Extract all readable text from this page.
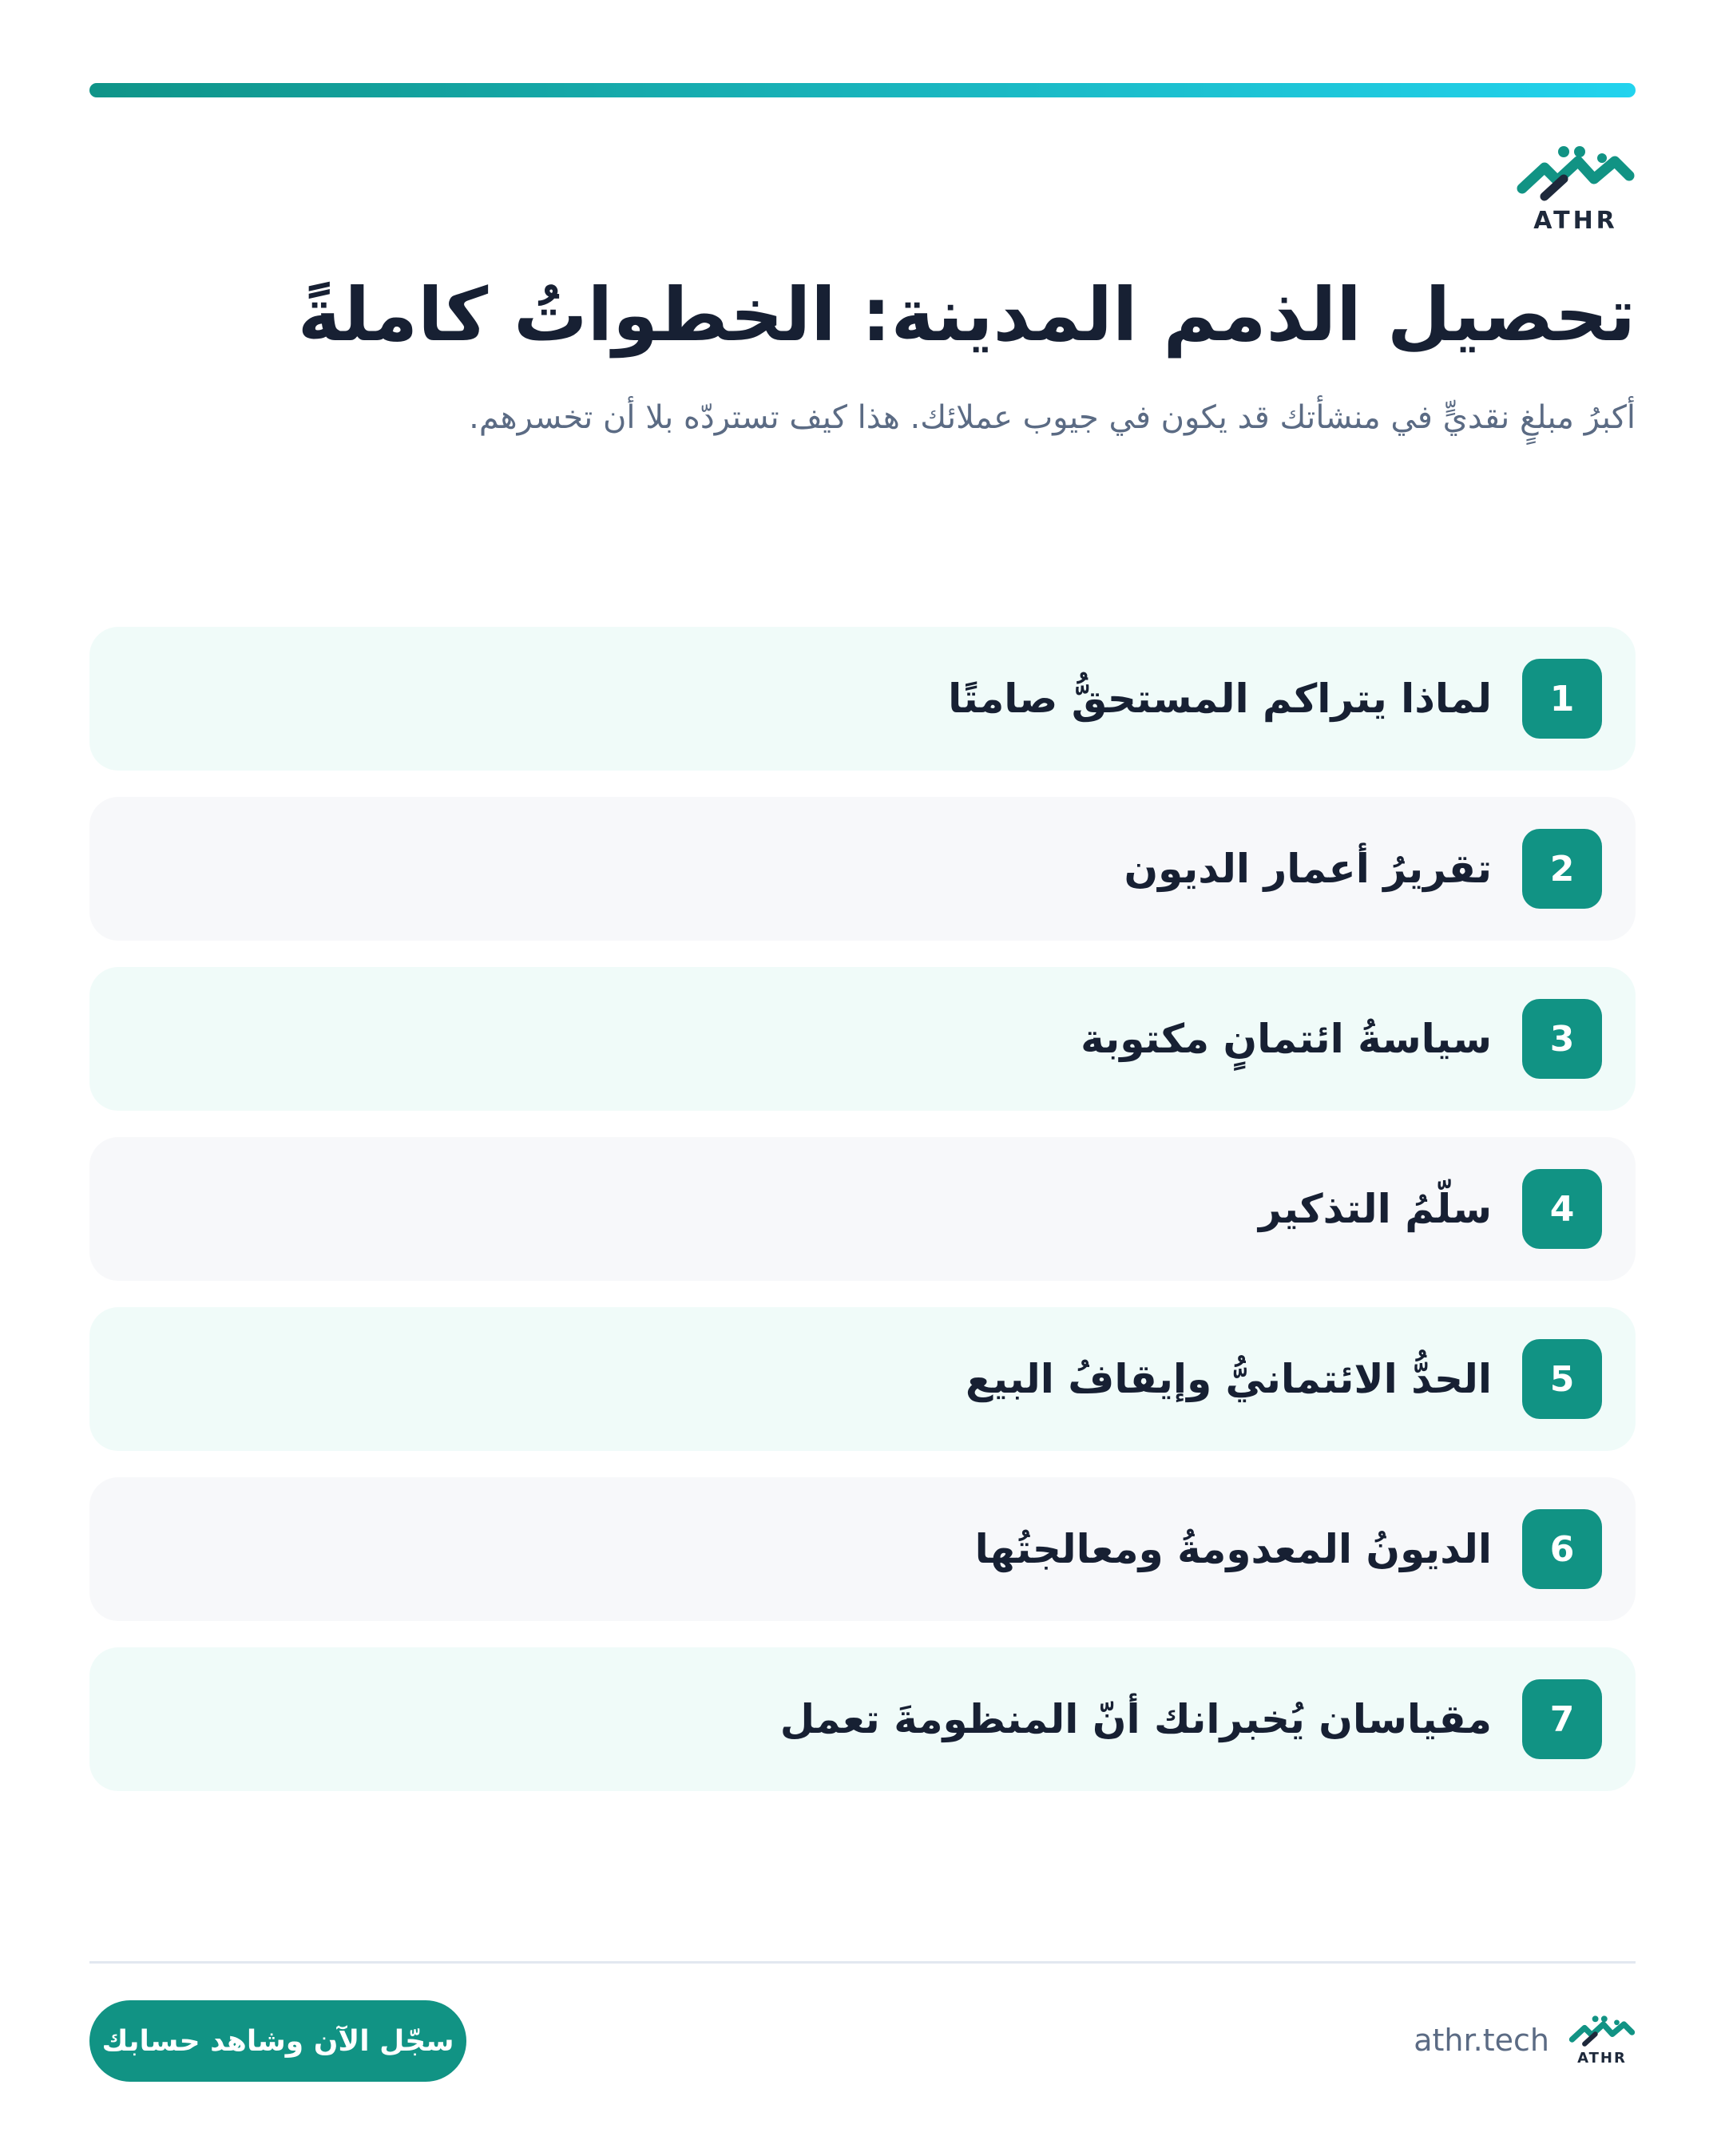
ATHR
تحصيل الذمم المدينة: الخطواتُ كاملةً

أكبرُ مبلغٍ نقديٍّ في منشأتك قد يكون في جيوب عملائك. هذا كيف تستردّه بلا أن تخسرهم.

1
لماذا يتراكم المستحقُّ صامتًا
2
تقريرُ أعمار الديون
3
سياسةُ ائتمانٍ مكتوبة
4
سلّمُ التذكير
5
الحدُّ الائتمانيُّ وإيقافُ البيع
6
الديونُ المعدومةُ ومعالجتُها
7
مقياسان يُخبرانك أنّ المنظومةَ تعمل
سجّل الآن وشاهد حسابك
ATHR
athr.tech
